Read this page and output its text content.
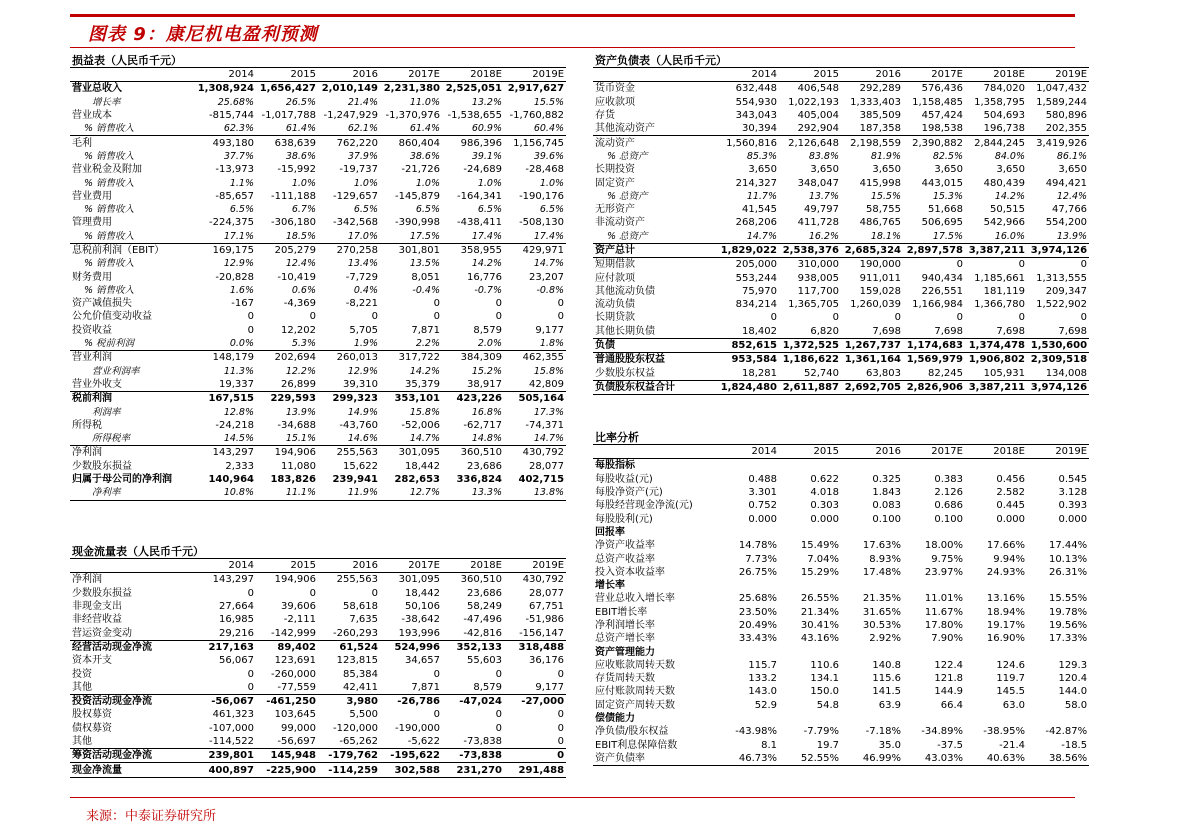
图表 9：康尼机电盈利预测
损益表（人民币千元）						
	2014	2015	2016	2017E	2018E	2019E
营业总收入	1,308,924	1,656,427	2,010,149	2,231,380	2,525,051	2,917,627
增长率	25.68%	26.5%	21.4%	11.0%	13.2%	15.5%
营业成本	-815,744	-1,017,788	-1,247,929	-1,370,976	-1,538,655	-1,760,882
% 销售收入	62.3%	61.4%	62.1%	61.4%	60.9%	60.4%
毛利	493,180	638,639	762,220	860,404	986,396	1,156,745
% 销售收入	37.7%	38.6%	37.9%	38.6%	39.1%	39.6%
营业税金及附加	-13,973	-15,992	-19,737	-21,726	-24,689	-28,468
% 销售收入	1.1%	1.0%	1.0%	1.0%	1.0%	1.0%
营业费用	-85,657	-111,188	-129,657	-145,879	-164,341	-190,176
% 销售收入	6.5%	6.7%	6.5%	6.5%	6.5%	6.5%
管理费用	-224,375	-306,180	-342,568	-390,998	-438,411	-508,130
% 销售收入	17.1%	18.5%	17.0%	17.5%	17.4%	17.4%
息税前利润（EBIT）	169,175	205,279	270,258	301,801	358,955	429,971
% 销售收入	12.9%	12.4%	13.4%	13.5%	14.2%	14.7%
财务费用	-20,828	-10,419	-7,729	8,051	16,776	23,207
% 销售收入	1.6%	0.6%	0.4%	-0.4%	-0.7%	-0.8%
资产减值损失	-167	-4,369	-8,221	0	0	0
公允价值变动收益	0	0	0	0	0	0
投资收益	0	12,202	5,705	7,871	8,579	9,177
% 税前利润	0.0%	5.3%	1.9%	2.2%	2.0%	1.8%
营业利润	148,179	202,694	260,013	317,722	384,309	462,355
营业利润率	11.3%	12.2%	12.9%	14.2%	15.2%	15.8%
营业外收支	19,337	26,899	39,310	35,379	38,917	42,809
税前利润	167,515	229,593	299,323	353,101	423,226	505,164
利润率	12.8%	13.9%	14.9%	15.8%	16.8%	17.3%
所得税	-24,218	-34,688	-43,760	-52,006	-62,717	-74,371
所得税率	14.5%	15.1%	14.6%	14.7%	14.8%	14.7%
净利润	143,297	194,906	255,563	301,095	360,510	430,792
少数股东损益	2,333	11,080	15,622	18,442	23,686	28,077
归属于母公司的净利润	140,964	183,826	239,941	282,653	336,824	402,715
净利率	10.8%	11.1%	11.9%	12.7%	13.3%	13.8%
现金流量表（人民币千元）						
	2014	2015	2016	2017E	2018E	2019E
净利润	143,297	194,906	255,563	301,095	360,510	430,792
少数股东损益	0	0	0	18,442	23,686	28,077
非现金支出	27,664	39,606	58,618	50,106	58,249	67,751
非经营收益	16,985	-2,111	7,635	-38,642	-47,496	-51,986
营运资金变动	29,216	-142,999	-260,293	193,996	-42,816	-156,147
经营活动现金净流	217,163	89,402	61,524	524,996	352,133	318,488
资本开支	56,067	123,691	123,815	34,657	55,603	36,176
投资	0	-260,000	85,384	0	0	0
其他	0	-77,559	42,411	7,871	8,579	9,177
投资活动现金净流	-56,067	-461,250	3,980	-26,786	-47,024	-27,000
股权募资	461,323	103,645	5,500	0	0	0
债权募资	-107,000	99,000	-120,000	-190,000	0	0
其他	-114,522	-56,697	-65,262	-5,622	-73,838	0
筹资活动现金净流	239,801	145,948	-179,762	-195,622	-73,838	0
现金净流量	400,897	-225,900	-114,259	302,588	231,270	291,488
资产负债表（人民币千元）						
	2014	2015	2016	2017E	2018E	2019E
货币资金	632,448	406,548	292,289	576,436	784,020	1,047,432
应收款项	554,930	1,022,193	1,333,403	1,158,485	1,358,795	1,589,244
存货	343,043	405,004	385,509	457,424	504,693	580,896
其他流动资产	30,394	292,904	187,358	198,538	196,738	202,355
流动资产	1,560,816	2,126,648	2,198,559	2,390,882	2,844,245	3,419,926
% 总资产	85.3%	83.8%	81.9%	82.5%	84.0%	86.1%
长期投资	3,650	3,650	3,650	3,650	3,650	3,650
固定资产	214,327	348,047	415,998	443,015	480,439	494,421
% 总资产	11.7%	13.7%	15.5%	15.3%	14.2%	12.4%
无形资产	41,545	49,797	58,755	51,668	50,515	47,766
非流动资产	268,206	411,728	486,765	506,695	542,966	554,200
% 总资产	14.7%	16.2%	18.1%	17.5%	16.0%	13.9%
资产总计	1,829,022	2,538,376	2,685,324	2,897,578	3,387,211	3,974,126
短期借款	205,000	310,000	190,000	0	0	0
应付款项	553,244	938,005	911,011	940,434	1,185,661	1,313,555
其他流动负债	75,970	117,700	159,028	226,551	181,119	209,347
流动负债	834,214	1,365,705	1,260,039	1,166,984	1,366,780	1,522,902
长期贷款	0	0	0	0	0	0
其他长期负债	18,402	6,820	7,698	7,698	7,698	7,698
负债	852,615	1,372,525	1,267,737	1,174,683	1,374,478	1,530,600
普通股股东权益	953,584	1,186,622	1,361,164	1,569,979	1,906,802	2,309,518
少数股东权益	18,281	52,740	63,803	82,245	105,931	134,008
负债股东权益合计	1,824,480	2,611,887	2,692,705	2,826,906	3,387,211	3,974,126
比率分析						
	2014	2015	2016	2017E	2018E	2019E
每股指标						
每股收益(元)	0.488	0.622	0.325	0.383	0.456	0.545
每股净资产(元)	3.301	4.018	1.843	2.126	2.582	3.128
每股经营现金净流(元)	0.752	0.303	0.083	0.686	0.445	0.393
每股股利(元)	0.000	0.000	0.100	0.100	0.000	0.000
回报率						
净资产收益率	14.78%	15.49%	17.63%	18.00%	17.66%	17.44%
总资产收益率	7.73%	7.04%	8.93%	9.75%	9.94%	10.13%
投入资本收益率	26.75%	15.29%	17.48%	23.97%	24.93%	26.31%
增长率						
营业总收入增长率	25.68%	26.55%	21.35%	11.01%	13.16%	15.55%
EBIT增长率	23.50%	21.34%	31.65%	11.67%	18.94%	19.78%
净利润增长率	20.49%	30.41%	30.53%	17.80%	19.17%	19.56%
总资产增长率	33.43%	43.16%	2.92%	7.90%	16.90%	17.33%
资产管理能力						
应收账款周转天数	115.7	110.6	140.8	122.4	124.6	129.3
存货周转天数	133.2	134.1	115.6	121.8	119.7	120.4
应付账款周转天数	143.0	150.0	141.5	144.9	145.5	144.0
固定资产周转天数	52.9	54.8	63.9	66.4	63.0	58.0
偿债能力						
净负债/股东权益	-43.98%	-7.79%	-7.18%	-34.89%	-38.95%	-42.87%
EBIT利息保障倍数	8.1	19.7	35.0	-37.5	-21.4	-18.5
资产负债率	46.73%	52.55%	46.99%	43.03%	40.63%	38.56%
来源：中泰证券研究所
